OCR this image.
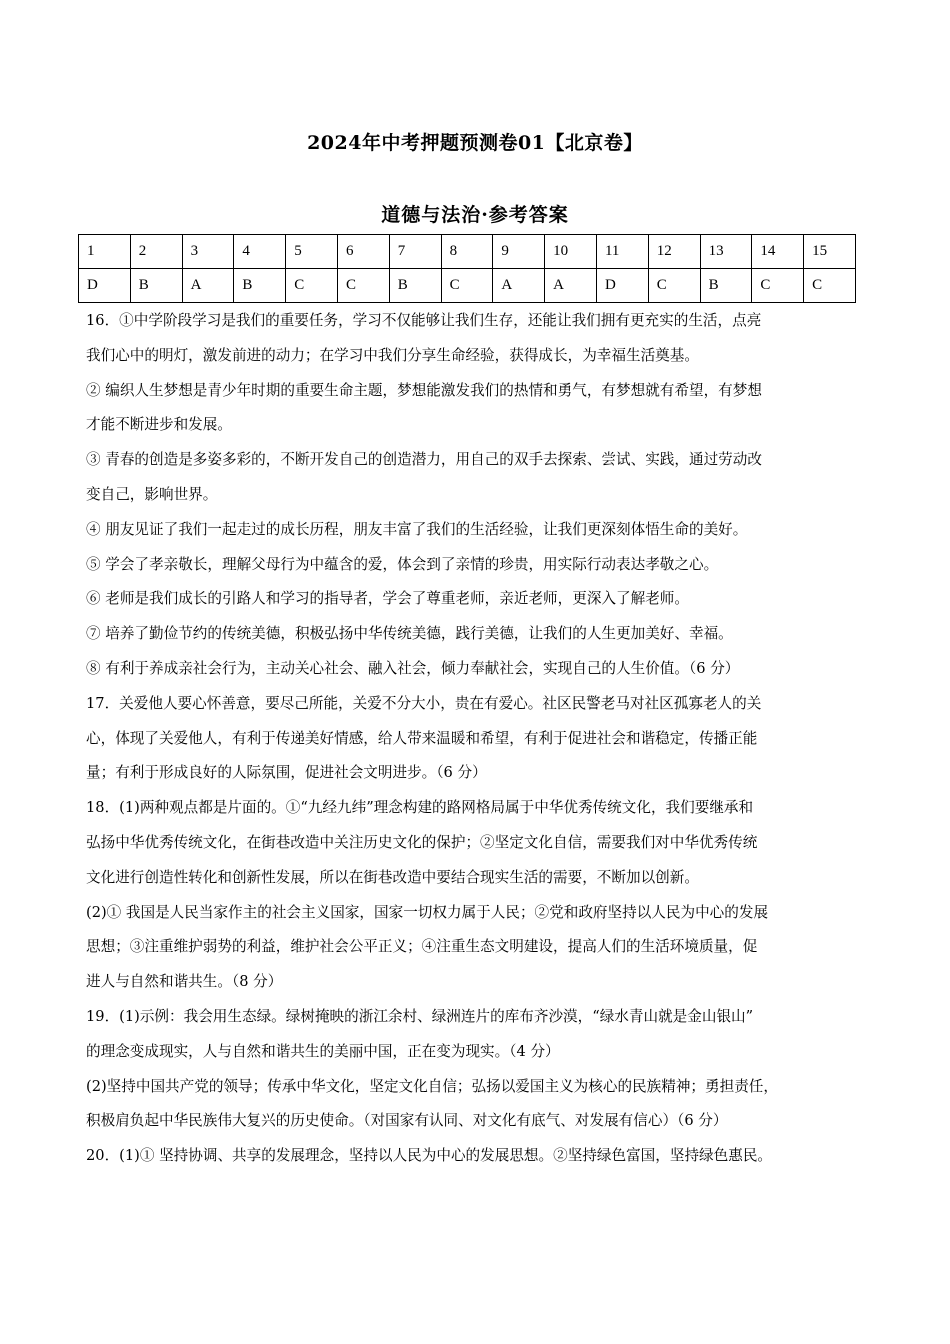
2024年中考押题预测卷01【北京卷】
道德与法治·参考答案
1	2	3	4	5	6	7	8	9	10	11	12	13	14	15
D	B	A	B	C	C	B	C	A	A	D	C	B	C	C

16．①中学阶段学习是我们的重要任务，学习不仅能够让我们生存，还能让我们拥有更充实的生活，点亮

我们心中的明灯，激发前进的动力；在学习中我们分享生命经验，获得成长，为幸福生活奠基。

② 编织人生梦想是青少年时期的重要生命主题，梦想能激发我们的热情和勇气，有梦想就有希望，有梦想

才能不断进步和发展。

③ 青春的创造是多姿多彩的，不断开发自己的创造潜力，用自己的双手去探索、尝试、实践，通过劳动改

变自己，影响世界。

④ 朋友见证了我们一起走过的成长历程，朋友丰富了我们的生活经验，让我们更深刻体悟生命的美好。

⑤ 学会了孝亲敬长，理解父母行为中蕴含的爱，体会到了亲情的珍贵，用实际行动表达孝敬之心。

⑥ 老师是我们成长的引路人和学习的指导者，学会了尊重老师，亲近老师，更深入了解老师。

⑦ 培养了勤俭节约的传统美德，积极弘扬中华传统美德，践行美德，让我们的人生更加美好、幸福。

⑧ 有利于养成亲社会行为，主动关心社会、融入社会，倾力奉献社会，实现自己的人生价值。（6 分）

17．关爱他人要心怀善意，要尽己所能，关爱不分大小，贵在有爱心。社区民警老马对社区孤寡老人的关

心，体现了关爱他人，有利于传递美好情感，给人带来温暖和希望，有利于促进社会和谐稳定，传播正能

量；有利于形成良好的人际氛围，促进社会文明进步。（6 分）

18．(1)两种观点都是片面的。①“九经九纬”理念构建的路网格局属于中华优秀传统文化，我们要继承和

弘扬中华优秀传统文化，在街巷改造中关注历史文化的保护；②坚定文化自信，需要我们对中华优秀传统

文化进行创造性转化和创新性发展，所以在街巷改造中要结合现实生活的需要，不断加以创新。

(2)① 我国是人民当家作主的社会主义国家，国家一切权力属于人民；②党和政府坚持以人民为中心的发展

思想；③注重维护弱势的利益，维护社会公平正义；④注重生态文明建设，提高人们的生活环境质量，促

进人与自然和谐共生。（8 分）

19．(1)示例：我会用生态绿。绿树掩映的浙江余村、绿洲连片的库布齐沙漠，“绿水青山就是金山银山”

的理念变成现实，人与自然和谐共生的美丽中国，正在变为现实。（4 分）

(2)坚持中国共产党的领导；传承中华文化，坚定文化自信；弘扬以爱国主义为核心的民族精神；勇担责任，

积极肩负起中华民族伟大复兴的历史使命。（对国家有认同、对文化有底气、对发展有信心）（6 分）

20．(1)① 坚持协调、共享的发展理念，坚持以人民为中心的发展思想。②坚持绿色富国，坚持绿色惠民。
